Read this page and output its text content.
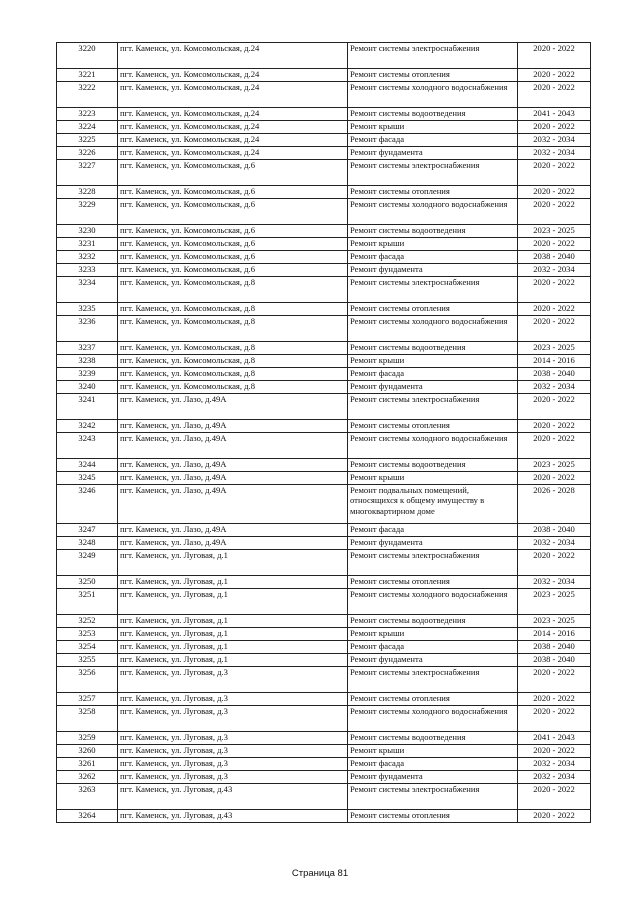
3220	пгт. Каменск, ул. Комсомольская, д.24	Ремонт системы электроснабжения	2020 - 2022
3221	пгт. Каменск, ул. Комсомольская, д.24	Ремонт системы отопления	2020 - 2022
3222	пгт. Каменск, ул. Комсомольская, д.24	Ремонт системы холодного водоснабжения	2020 - 2022
3223	пгт. Каменск, ул. Комсомольская, д.24	Ремонт системы водоотведения	2041 - 2043
3224	пгт. Каменск, ул. Комсомольская, д.24	Ремонт крыши	2020 - 2022
3225	пгт. Каменск, ул. Комсомольская, д.24	Ремонт фасада	2032 - 2034
3226	пгт. Каменск, ул. Комсомольская, д.24	Ремонт фундамента	2032 - 2034
3227	пгт. Каменск, ул. Комсомольская, д.6	Ремонт системы электроснабжения	2020 - 2022
3228	пгт. Каменск, ул. Комсомольская, д.6	Ремонт системы отопления	2020 - 2022
3229	пгт. Каменск, ул. Комсомольская, д.6	Ремонт системы холодного водоснабжения	2020 - 2022
3230	пгт. Каменск, ул. Комсомольская, д.6	Ремонт системы водоотведения	2023 - 2025
3231	пгт. Каменск, ул. Комсомольская, д.6	Ремонт крыши	2020 - 2022
3232	пгт. Каменск, ул. Комсомольская, д.6	Ремонт фасада	2038 - 2040
3233	пгт. Каменск, ул. Комсомольская, д.6	Ремонт фундамента	2032 - 2034
3234	пгт. Каменск, ул. Комсомольская, д.8	Ремонт системы электроснабжения	2020 - 2022
3235	пгт. Каменск, ул. Комсомольская, д.8	Ремонт системы отопления	2020 - 2022
3236	пгт. Каменск, ул. Комсомольская, д.8	Ремонт системы холодного водоснабжения	2020 - 2022
3237	пгт. Каменск, ул. Комсомольская, д.8	Ремонт системы водоотведения	2023 - 2025
3238	пгт. Каменск, ул. Комсомольская, д.8	Ремонт крыши	2014 - 2016
3239	пгт. Каменск, ул. Комсомольская, д.8	Ремонт фасада	2038 - 2040
3240	пгт. Каменск, ул. Комсомольская, д.8	Ремонт фундамента	2032 - 2034
3241	пгт. Каменск, ул. Лазо, д.49А	Ремонт системы электроснабжения	2020 - 2022
3242	пгт. Каменск, ул. Лазо, д.49А	Ремонт системы отопления	2020 - 2022
3243	пгт. Каменск, ул. Лазо, д.49А	Ремонт системы холодного водоснабжения	2020 - 2022
3244	пгт. Каменск, ул. Лазо, д.49А	Ремонт системы водоотведения	2023 - 2025
3245	пгт. Каменск, ул. Лазо, д.49А	Ремонт крыши	2020 - 2022
3246	пгт. Каменск, ул. Лазо, д.49А	Ремонт подвальных помещений, относящихся к общему имуществу в многоквартирном доме	2026 - 2028
3247	пгт. Каменск, ул. Лазо, д.49А	Ремонт фасада	2038 - 2040
3248	пгт. Каменск, ул. Лазо, д.49А	Ремонт фундамента	2032 - 2034
3249	пгт. Каменск, ул. Луговая, д.1	Ремонт системы электроснабжения	2020 - 2022
3250	пгт. Каменск, ул. Луговая, д.1	Ремонт системы отопления	2032 - 2034
3251	пгт. Каменск, ул. Луговая, д.1	Ремонт системы холодного водоснабжения	2023 - 2025
3252	пгт. Каменск, ул. Луговая, д.1	Ремонт системы водоотведения	2023 - 2025
3253	пгт. Каменск, ул. Луговая, д.1	Ремонт крыши	2014 - 2016
3254	пгт. Каменск, ул. Луговая, д.1	Ремонт фасада	2038 - 2040
3255	пгт. Каменск, ул. Луговая, д.1	Ремонт фундамента	2038 - 2040
3256	пгт. Каменск, ул. Луговая, д.3	Ремонт системы электроснабжения	2020 - 2022
3257	пгт. Каменск, ул. Луговая, д.3	Ремонт системы отопления	2020 - 2022
3258	пгт. Каменск, ул. Луговая, д.3	Ремонт системы холодного водоснабжения	2020 - 2022
3259	пгт. Каменск, ул. Луговая, д.3	Ремонт системы водоотведения	2041 - 2043
3260	пгт. Каменск, ул. Луговая, д.3	Ремонт крыши	2020 - 2022
3261	пгт. Каменск, ул. Луговая, д.3	Ремонт фасада	2032 - 2034
3262	пгт. Каменск, ул. Луговая, д.3	Ремонт фундамента	2032 - 2034
3263	пгт. Каменск, ул. Луговая, д.43	Ремонт системы электроснабжения	2020 - 2022
3264	пгт. Каменск, ул. Луговая, д.43	Ремонт системы отопления	2020 - 2022
Страница 81
